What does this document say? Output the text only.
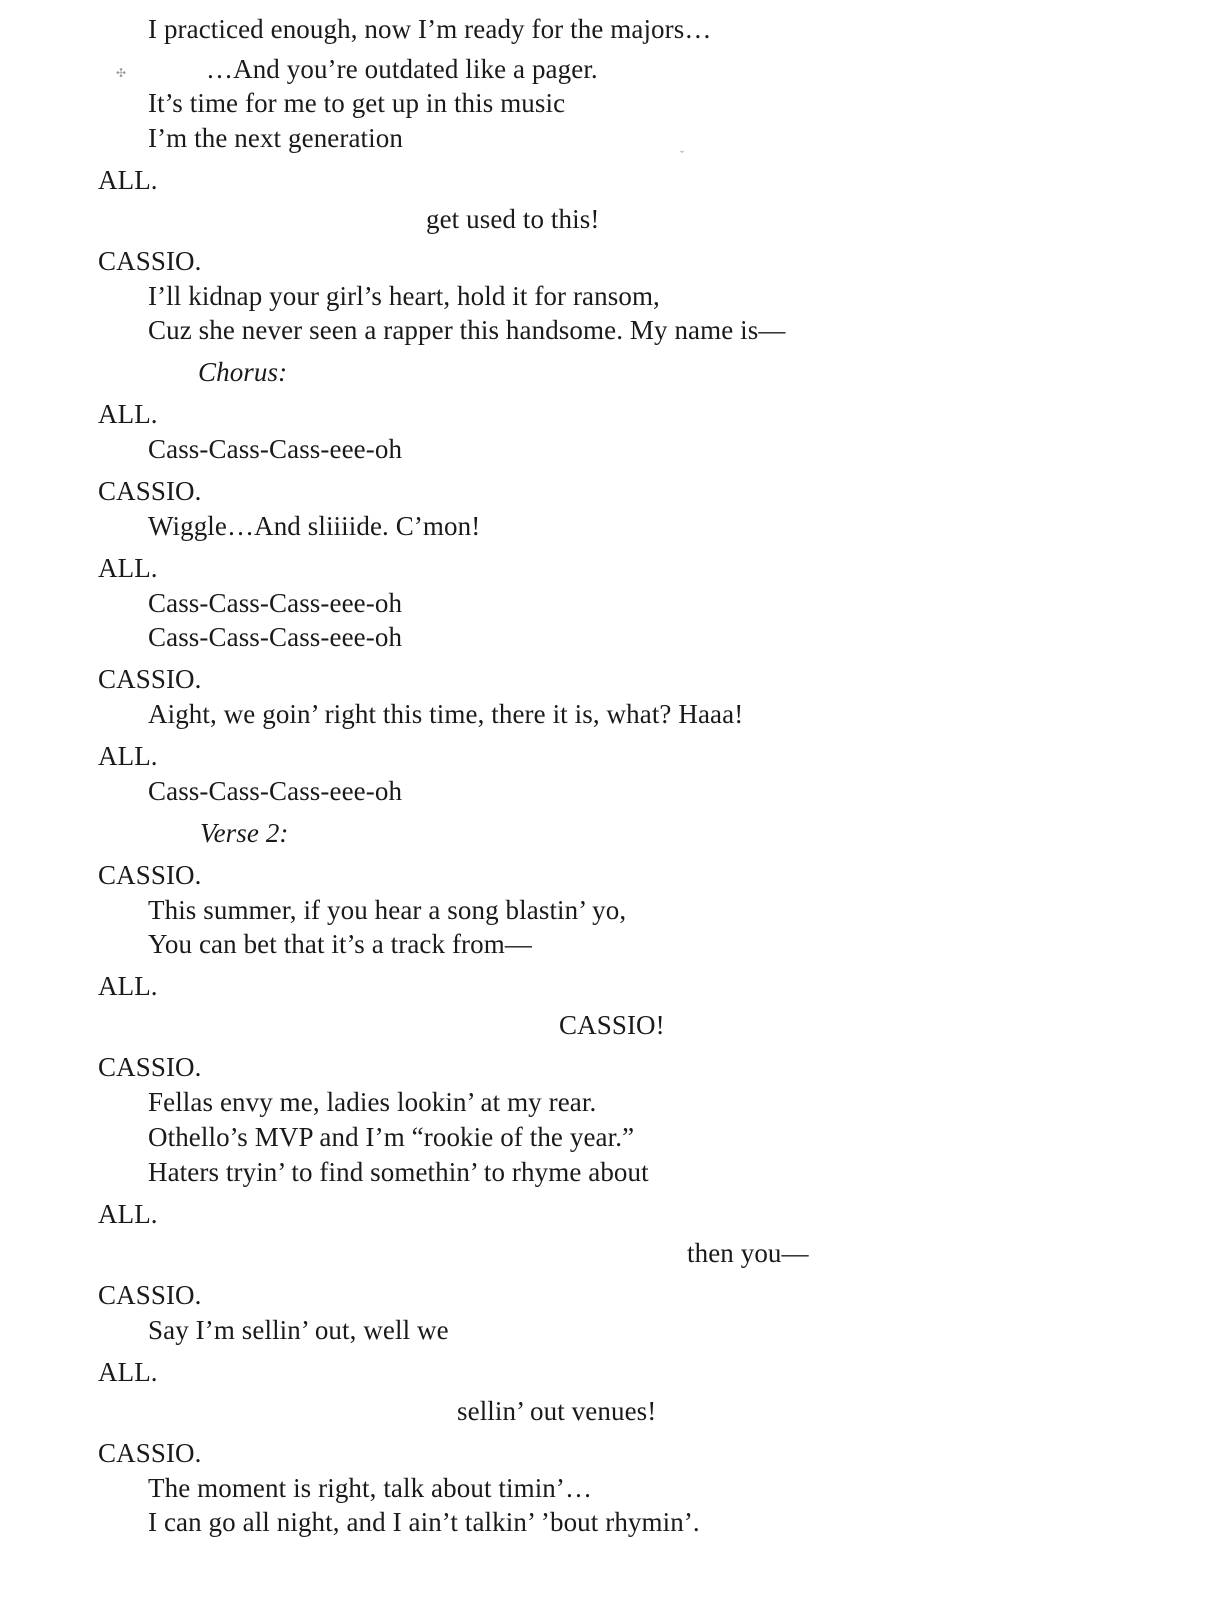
I practiced enough, now I’m ready for the majors…
…And you’re outdated like a pager.
It’s time for me to get up in this music
I’m the next generation
ALL.
get used to this!
CASSIO.
I’ll kidnap your girl’s heart, hold it for ransom,
Cuz she never seen a rapper this handsome. My name is—
Chorus:
ALL.
Cass-Cass-Cass-eee-oh
CASSIO.
Wiggle…And sliiiide. C’mon!
ALL.
Cass-Cass-Cass-eee-oh
Cass-Cass-Cass-eee-oh
CASSIO.
Aight, we goin’ right this time, there it is, what? Haaa!
ALL.
Cass-Cass-Cass-eee-oh
Verse 2:
CASSIO.
This summer, if you hear a song blastin’ yo,
You can bet that it’s a track from—
ALL.
CASSIO!
CASSIO.
Fellas envy me, ladies lookin’ at my rear.
Othello’s MVP and I’m “rookie of the year.”
Haters tryin’ to find somethin’ to rhyme about
ALL.
then you—
CASSIO.
Say I’m sellin’ out, well we
ALL.
sellin’ out venues!
CASSIO.
The moment is right, talk about timin’…
I can go all night, and I ain’t talkin’ ’bout rhymin’.
✣
ˇ
